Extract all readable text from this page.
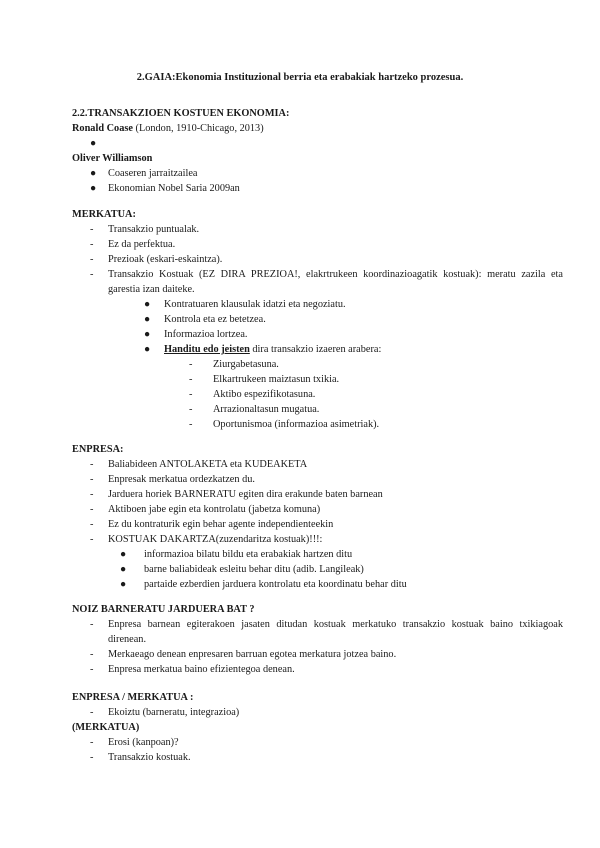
2.GAIA:Ekonomia Instituzional berria eta erabakiak hartzeko prozesua.
2.2.TRANSAKZIOEN KOSTUEN EKONOMIA:
Ronald Coase (London, 1910-Chicago, 2013)
●

Oliver Williamson
● Coaseren jarraitzailea
● Ekonomian Nobel Saria 2009an
MERKATUA:
- Transakzio puntualak.
- Ez da perfektua.
- Prezioak (eskari-eskaintza).
-	Transakzio Kostuak (EZ DIRA PREZIOA!, elakrtrukeen koordinazioagatik kostuak): meratu zazila eta garestia izan daiteke.
● Kontratuaren klausulak idatzi eta negoziatu.
● Kontrola eta ez betetzea.
● Informazioa lortzea.
● Handitu edo jeisten dira transakzio izaeren arabera:
- Ziurgabetasuna.
- Elkartrukeen maiztasun txikia.
- Aktibo espezifikotasuna.
- Arrazionaltasun mugatua.
- Oportunismoa (informazioa asimetriak).
ENPRESA:
- Baliabideen ANTOLAKETA eta KUDEAKETA
- Enpresak merkatua ordezkatzen du.
- Jarduera horiek BARNERATU egiten dira erakunde baten barnean
- Aktiboen jabe egin eta kontrolatu (jabetza komuna)
- Ez du kontraturik egin behar agente independienteekin
- KOSTUAK DAKARTZA(zuzendaritza kostuak)!!!:
● informazioa bilatu bildu eta erabakiak hartzen ditu
● barne baliabideak esleitu behar ditu (adib. Langileak)
● partaide ezberdien jarduera kontrolatu eta koordinatu behar ditu
NOIZ BARNERATU JARDUERA BAT ?
-	Enpresa barnean egiterakoen jasaten ditudan kostuak merkatuko transakzio kostuak baino txikiagoak direnean.
- Merkaeago denean enpresaren barruan egotea merkatura jotzea baino.
- Enpresa merkatua baino efizientegoa denean.
ENPRESA / MERKATUA :
- Ekoiztu (barneratu, integrazioa)
(MERKATUA)
- Erosi (kanpoan)?
- Transakzio kostuak.
